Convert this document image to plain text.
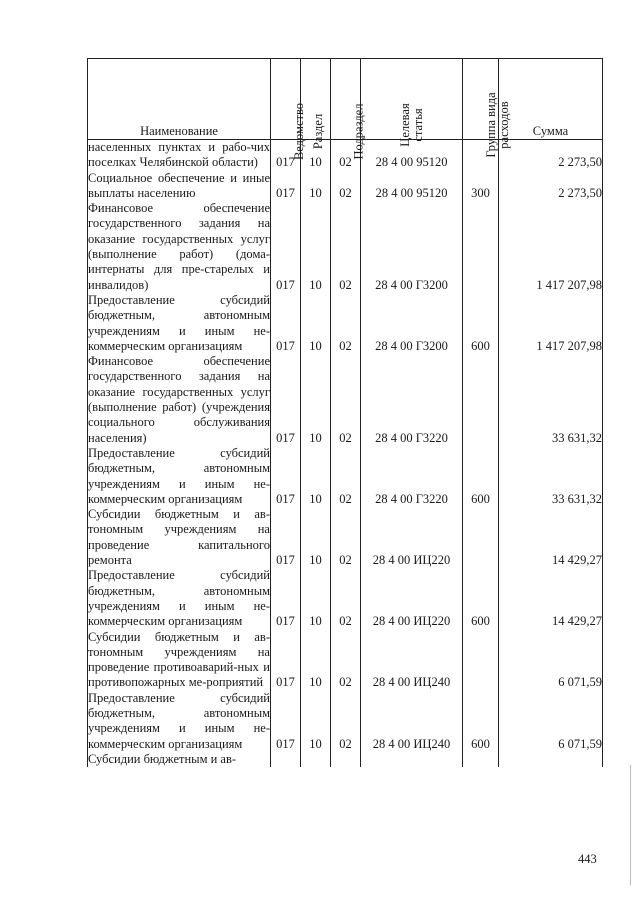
Наименование	Ведомство	Раздел	Подраздел	Целевая статья	Группа вида расходов	Сумма
населенных пунктах и рабо-чих поселках Челябинской области)	017	10	02	28 4 00 95120		2 273,50
Социальное обеспечение и иные выплаты населению	017	10	02	28 4 00 95120	300	2 273,50
Финансовое обеспечение государственного задания на оказание государственных услуг (выполнение работ) (дома-интернаты для пре-старелых и инвалидов)	017	10	02	28 4 00 Г3200		1 417 207,98
Предоставление субсидий бюджетным, автономным учреждениям и иным не-коммерческим организациям	017	10	02	28 4 00 Г3200	600	1 417 207,98
Финансовое обеспечение государственного задания на оказание государственных услуг (выполнение работ) (учреждения социального обслуживания населения)	017	10	02	28 4 00 Г3220		33 631,32
Предоставление субсидий бюджетным, автономным учреждениям и иным не-коммерческим организациям	017	10	02	28 4 00 Г3220	600	33 631,32
Субсидии бюджетным и ав-тономным учреждениям на проведение капитального ремонта	017	10	02	28 4 00 ИЦ220		14 429,27
Предоставление субсидий бюджетным, автономным учреждениям и иным не-коммерческим организациям	017	10	02	28 4 00 ИЦ220	600	14 429,27
Субсидии бюджетным и ав-тономным учреждениям на проведение противоаварий-ных и противопожарных ме-роприятий	017	10	02	28 4 00 ИЦ240		6 071,59
Предоставление субсидий бюджетным, автономным учреждениям и иным не-коммерческим организациям	017	10	02	28 4 00 ИЦ240	600	6 071,59
Субсидии бюджетным и ав-						
443
